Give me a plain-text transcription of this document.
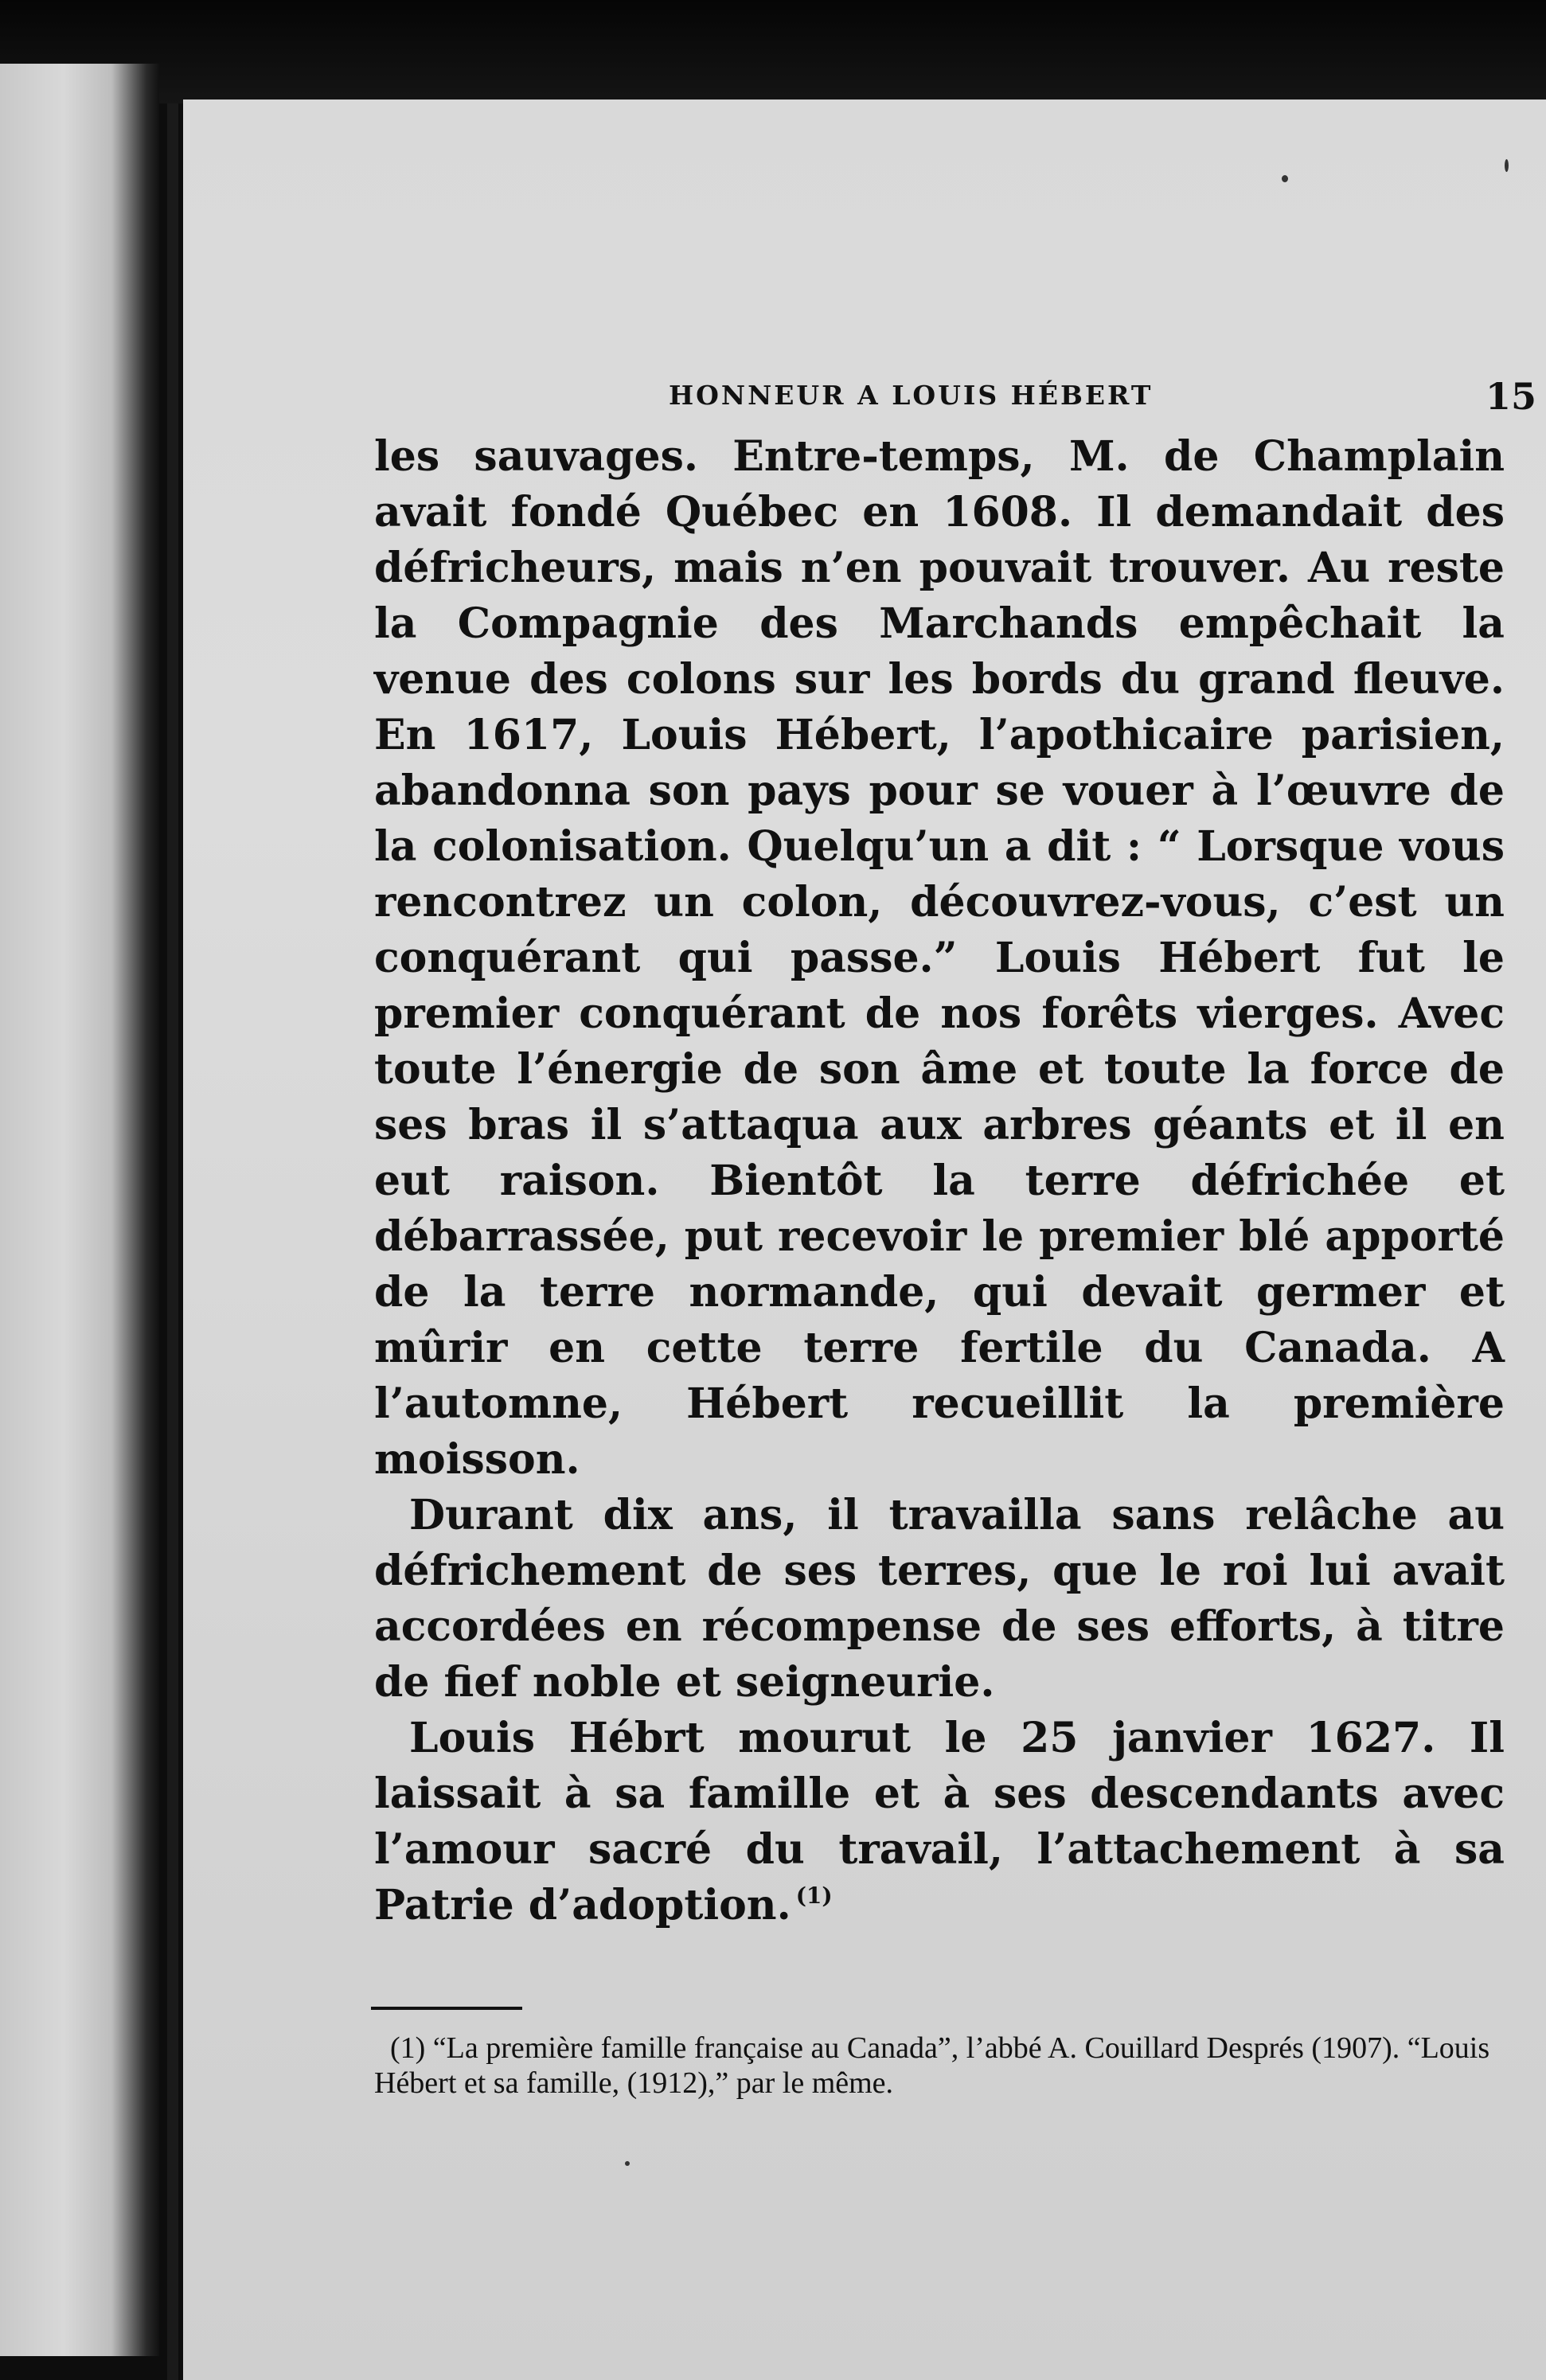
HONNEUR A LOUIS HÉBERT	15

les sauvages. Entre-temps, M. de Champlain avait fondé Québec en 1608. Il demandait des défricheurs, mais n’en pouvait trouver. Au reste la Compagnie des Marchands empêchait la venue des colons sur les bords du grand fleuve. En 1617, Louis Hébert, l’apothicaire parisien, abandonna son pays pour se vouer à l’œuvre de la colonisation. Quelqu’un a dit : “ Lorsque vous rencontrez un colon, découvrez-vous, c’est un conquérant qui passe.” Louis Hébert fut le premier conquérant de nos forêts vierges. Avec toute l’énergie de son âme et toute la force de ses bras il s’attaqua aux arbres géants et il en eut raison. Bientôt la terre défrichée et débarrassée, put recevoir le premier blé apporté de la terre normande, qui devait germer et mûrir en cette terre fertile du Canada. A l’automne, Hébert recueillit la première moisson.

Durant dix ans, il travailla sans relâche au défrichement de ses terres, que le roi lui avait accordées en récompense de ses efforts, à titre de fief noble et seigneurie.

Louis Hébrt mourut le 25 janvier 1627. Il laissait à sa famille et à ses descendants avec l’amour sacré du travail, l’attachement à sa Patrie d’adoption. $^{(1)}$

(1) “La première famille française au Canada”, l’abbé A. Couillard Després (1907). “Louis Hébert et sa famille, (1912),” par le même.
